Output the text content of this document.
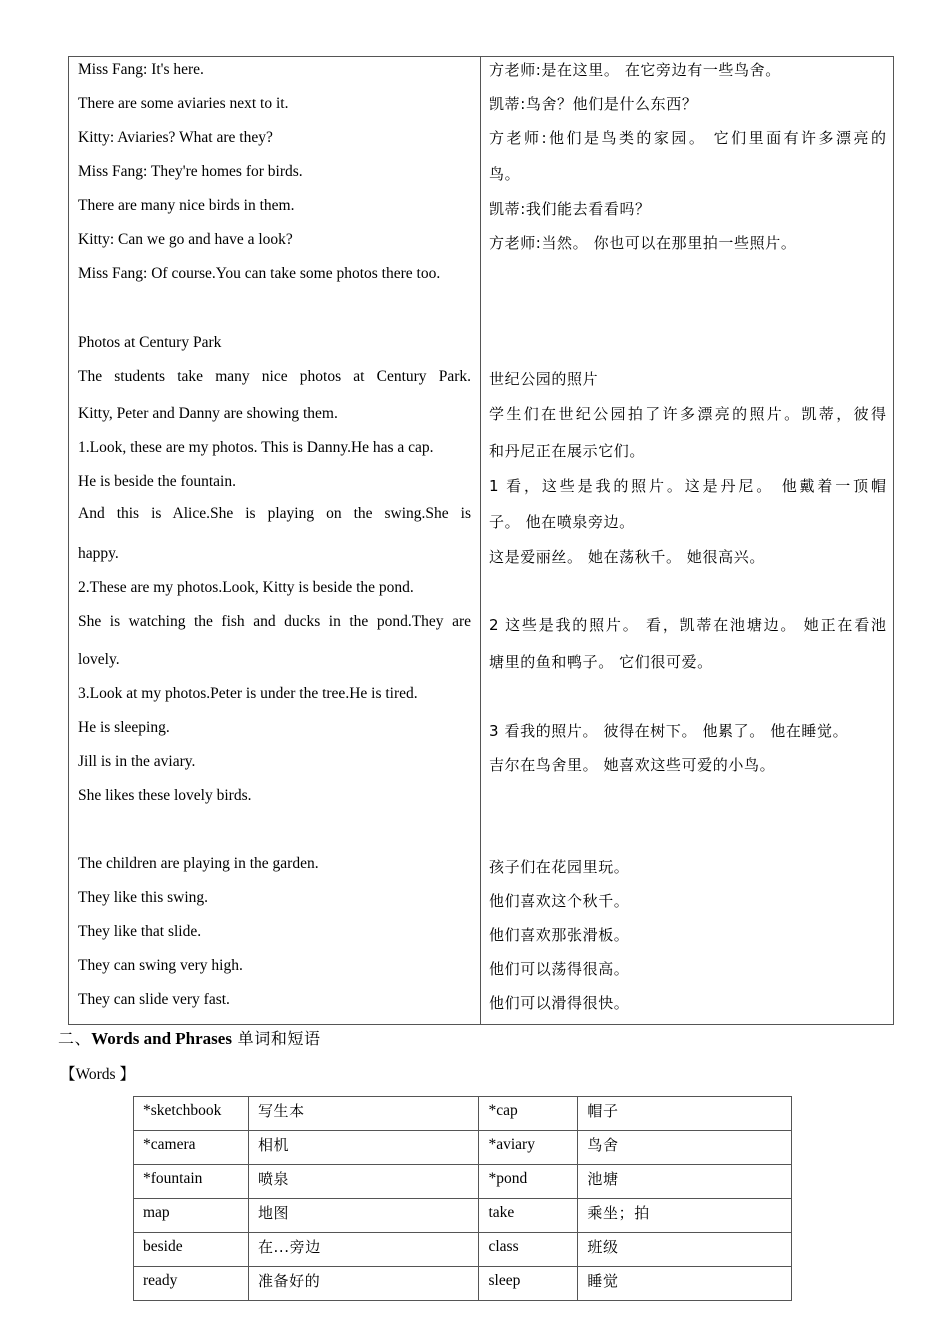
Miss Fang: It's here.
There are some aviaries next to it.
Kitty: Aviaries? What are they?
Miss Fang: They're homes for birds.
There are many nice birds in them.
Kitty: Can we go and have a look?
Miss Fang: Of course.You can take some photos there too.
Photos at Century Park
The students take many nice photos at Century Park.
Kitty, Peter and Danny are showing them.
1.Look, these are my photos. This is Danny.He has a cap.
He is beside the fountain.
And this is Alice.She is playing on the swing.She is
happy.
2.These are my photos.Look, Kitty is beside the pond.
She is watching the fish and ducks in the pond.They are
lovely.
3.Look at my photos.Peter is under the tree.He is tired.
He is sleeping.
Jill is in the aviary.
She likes these lovely birds.
The children are playing in the garden.
They like this swing.
They like that slide.
They can swing very high.
They can slide very fast.
方老师:是在这里。 在它旁边有一些鸟舍。
凯蒂:鸟舍？他们是什么东西？
方老师:他们是鸟类的家园。 它们里面有许多漂亮的
鸟。
凯蒂:我们能去看看吗？
方老师:当然。 你也可以在那里拍一些照片。
世纪公园的照片
学生们在世纪公园拍了许多漂亮的照片。凯蒂，彼得
和丹尼正在展示它们。
1 看，这些是我的照片。这是丹尼。 他戴着一顶帽
子。 他在喷泉旁边。
这是爱丽丝。 她在荡秋千。 她很高兴。
2 这些是我的照片。 看，凯蒂在池塘边。 她正在看池
塘里的鱼和鸭子。 它们很可爱。
3 看我的照片。 彼得在树下。 他累了。 他在睡觉。
吉尔在鸟舍里。 她喜欢这些可爱的小鸟。
孩子们在花园里玩。
他们喜欢这个秋千。
他们喜欢那张滑板。
他们可以荡得很高。
他们可以滑得很快。
二、Words and Phrases 单词和短语
【Words 】
*sketchbook	写生本	*cap	帽子
*camera	相机	*aviary	鸟舍
*fountain	喷泉	*pond	池塘
map	地图	take	乘坐；拍
beside	在...旁边	class	班级
ready	准备好的	sleep	睡觉
